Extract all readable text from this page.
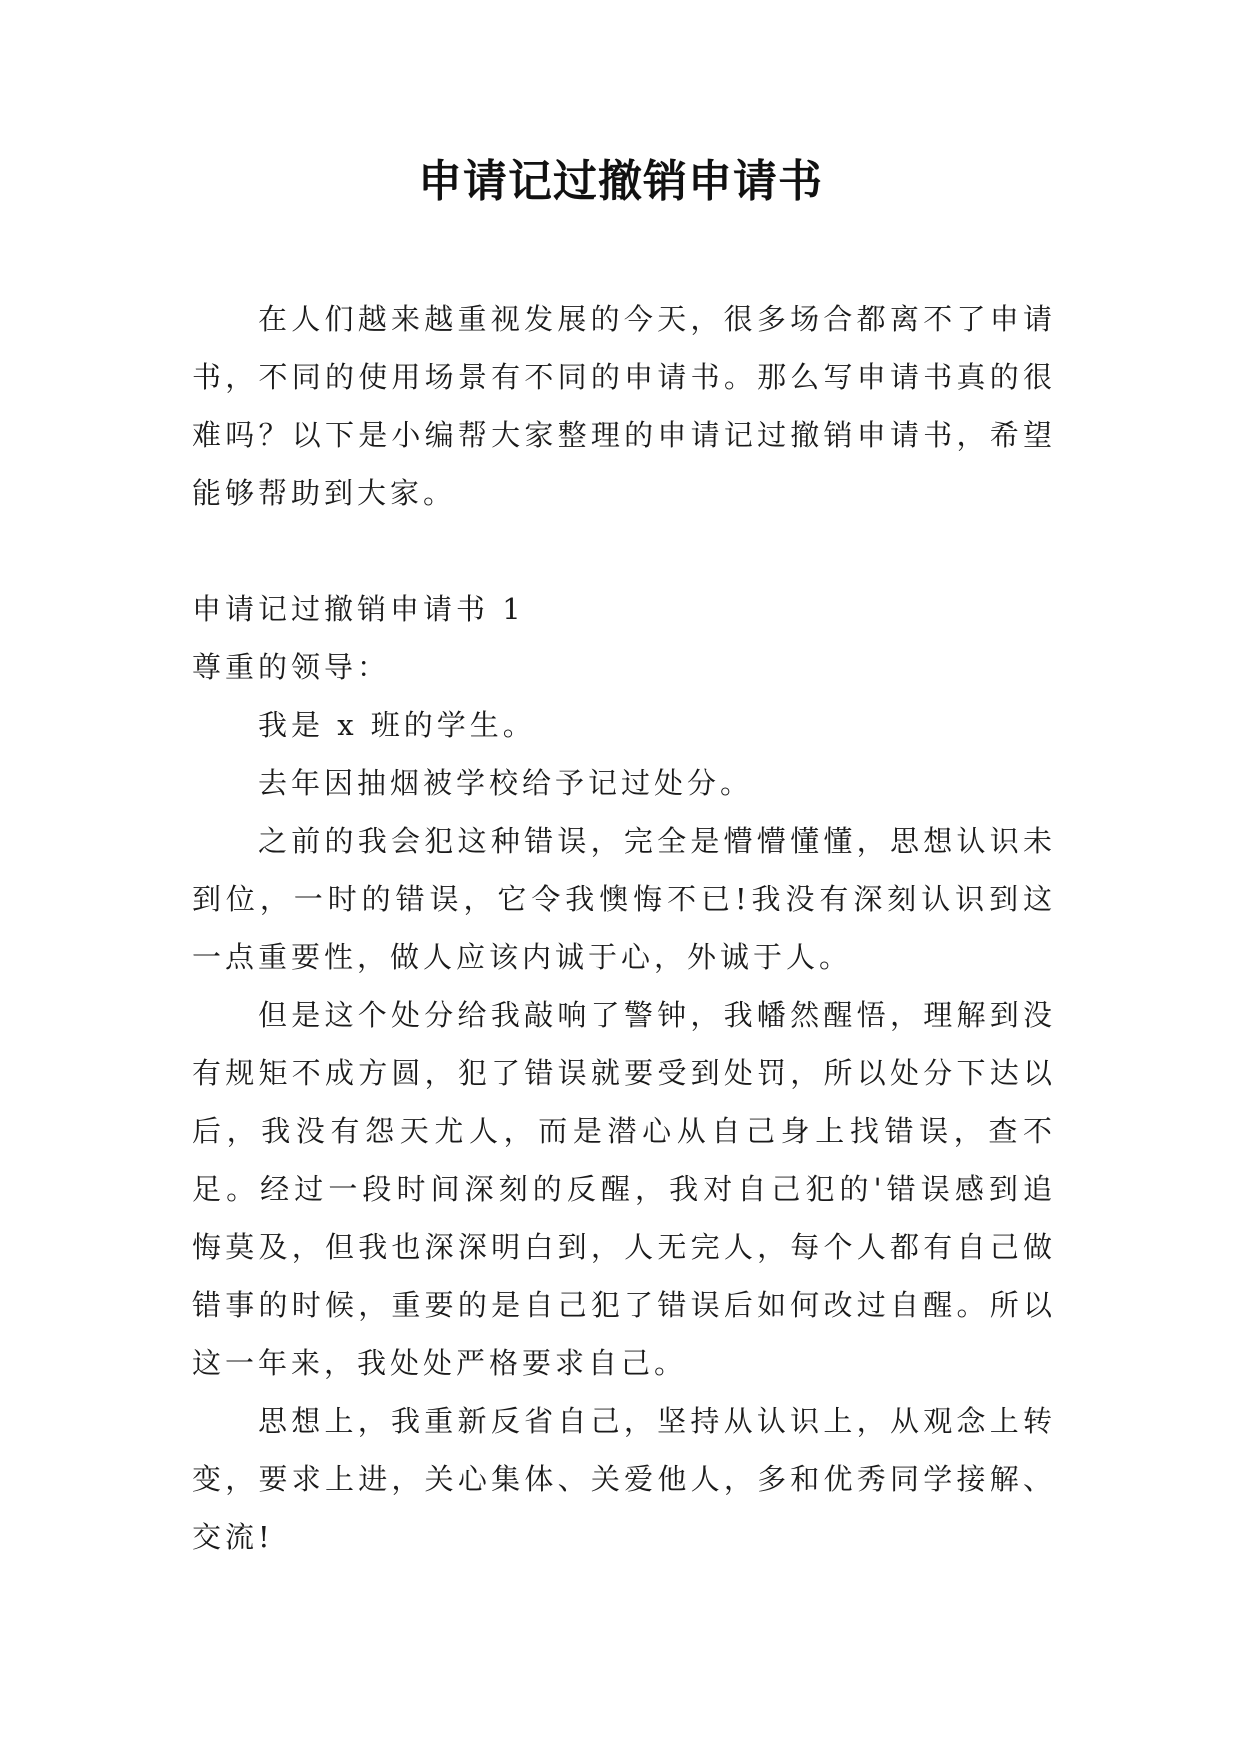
申请记过撤销申请书

在人们越来越重视发展的今天，很多场合都离不了申请书，不同的使用场景有不同的申请书。那么写申请书真的很难吗？以下是小编帮大家整理的申请记过撤销申请书，希望能够帮助到大家。

申请记过撤销申请书 1

尊重的领导：

我是 x 班的学生。

去年因抽烟被学校给予记过处分。

之前的我会犯这种错误，完全是懵懵懂懂，思想认识未到位，一时的错误，它令我懊悔不已!我没有深刻认识到这一点重要性，做人应该内诚于心，外诚于人。

但是这个处分给我敲响了警钟，我幡然醒悟，理解到没有规矩不成方圆，犯了错误就要受到处罚，所以处分下达以后，我没有怨天尤人，而是潜心从自己身上找错误，查不足。经过一段时间深刻的反醒，我对自己犯的'错误感到追悔莫及，但我也深深明白到，人无完人，每个人都有自己做错事的时候，重要的是自己犯了错误后如何改过自醒。所以这一年来，我处处严格要求自己。

思想上，我重新反省自己，坚持从认识上，从观念上转变，要求上进，关心集体、关爱他人，多和优秀同学接解、交流!
